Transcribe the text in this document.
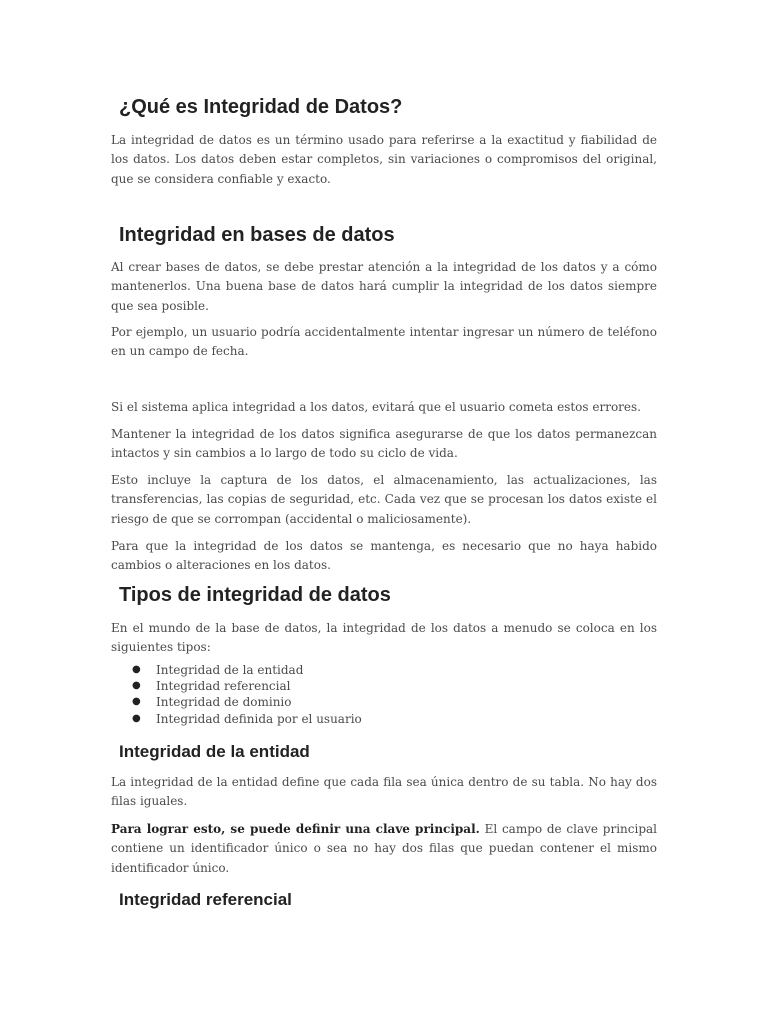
¿Qué es Integridad de Datos?

La integridad de datos es un término usado para referirse a la exactitud y fiabilidad de los datos. Los datos deben estar completos, sin variaciones o compromisos del original, que se considera confiable y exacto.

Integridad en bases de datos

Al crear bases de datos, se debe prestar atención a la integridad de los datos y a cómo mantenerlos. Una buena base de datos hará cumplir la integridad de los datos siempre que sea posible.

Por ejemplo, un usuario podría accidentalmente intentar ingresar un número de teléfono en un campo de fecha.

Si el sistema aplica integridad a los datos, evitará que el usuario cometa estos errores.

Mantener la integridad de los datos significa asegurarse de que los datos permanezcan intactos y sin cambios a lo largo de todo su ciclo de vida.

Esto incluye la captura de los datos, el almacenamiento, las actualizaciones, las transferencias, las copias de seguridad, etc. Cada vez que se procesan los datos existe el riesgo de que se corrompan (accidental o maliciosamente).

Para que la integridad de los datos se mantenga, es necesario que no haya habido cambios o alteraciones en los datos.

Tipos de integridad de datos

En el mundo de la base de datos, la integridad de los datos a menudo se coloca en los siguientes tipos:

● Integridad de la entidad
● Integridad referencial
● Integridad de dominio
● Integridad definida por el usuario
Integridad de la entidad

La integridad de la entidad define que cada fila sea única dentro de su tabla. No hay dos filas iguales.

Para lograr esto, se puede definir una clave principal. El campo de clave principal contiene un identificador único o sea no hay dos filas que puedan contener el mismo identificador único.

Integridad referencial
